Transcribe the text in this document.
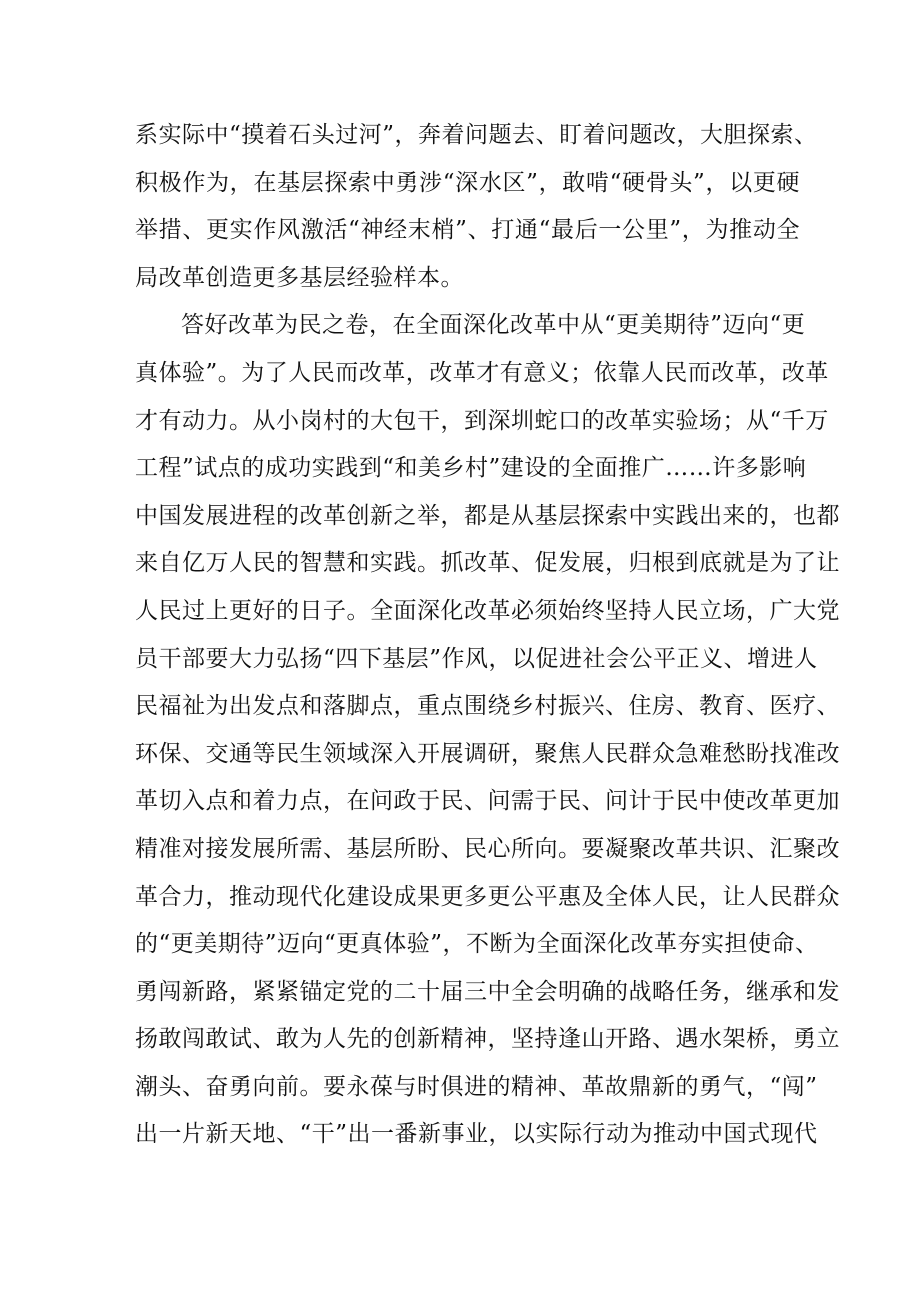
系实际中“摸着石头过河”，奔着问题去、盯着问题改，大胆探索、
积极作为，在基层探索中勇涉“深水区”，敢啃“硬骨头”，以更硬
举措、更实作风激活“神经末梢”、打通“最后一公里”，为推动全
局改革创造更多基层经验样本。
答好改革为民之卷，在全面深化改革中从“更美期待”迈向“更
真体验”。为了人民而改革，改革才有意义；依靠人民而改革，改革
才有动力。从小岗村的大包干，到深圳蛇口的改革实验场；从“千万
工程”试点的成功实践到“和美乡村”建设的全面推广……许多影响
中国发展进程的改革创新之举，都是从基层探索中实践出来的，也都
来自亿万人民的智慧和实践。抓改革、促发展，归根到底就是为了让
人民过上更好的日子。全面深化改革必须始终坚持人民立场，广大党
员干部要大力弘扬“四下基层”作风，以促进社会公平正义、增进人
民福祉为出发点和落脚点，重点围绕乡村振兴、住房、教育、医疗、
环保、交通等民生领域深入开展调研，聚焦人民群众急难愁盼找准改
革切入点和着力点，在问政于民、问需于民、问计于民中使改革更加
精准对接发展所需、基层所盼、民心所向。要凝聚改革共识、汇聚改
革合力，推动现代化建设成果更多更公平惠及全体人民，让人民群众
的“更美期待”迈向“更真体验”，不断为全面深化改革夯实担使命、
勇闯新路，紧紧锚定党的二十届三中全会明确的战略任务，继承和发
扬敢闯敢试、敢为人先的创新精神，坚持逢山开路、遇水架桥，勇立
潮头、奋勇向前。要永葆与时俱进的精神、革故鼎新的勇气，“闯”
出一片新天地、“干”出一番新事业，以实际行动为推动中国式现代
